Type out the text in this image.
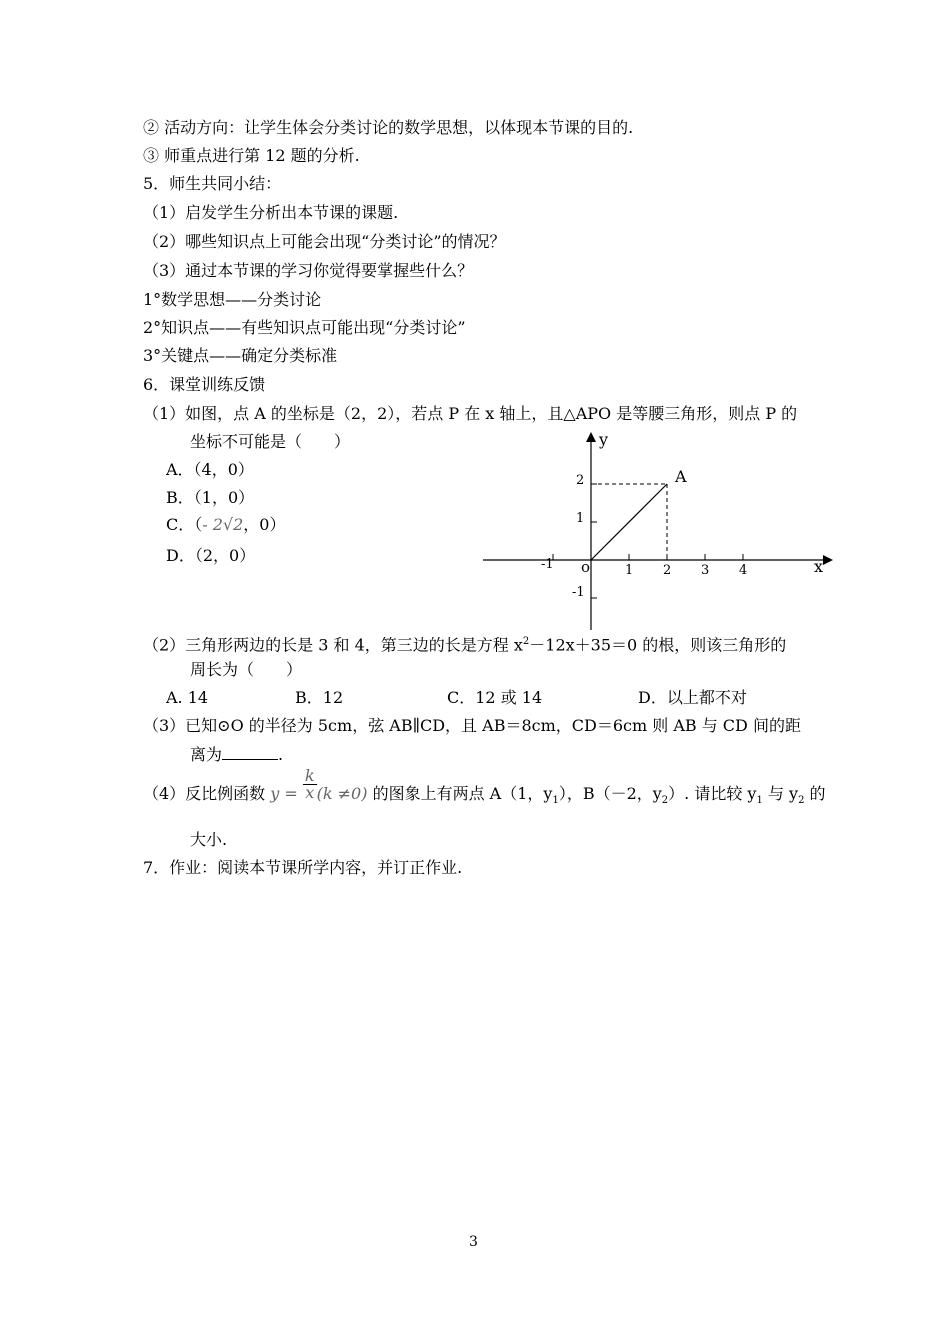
② 活动方向：让学生体会分类讨论的数学思想，以体现本节课的目的.
③ 师重点进行第 12 题的分析.
5．师生共同小结：
（1）启发学生分析出本节课的课题.
（2）哪些知识点上可能会出现“分类讨论”的情况？
（3）通过本节课的学习你觉得要掌握些什么？
1°数学思想——分类讨论
2°知识点——有些知识点可能出现“分类讨论”
3°关键点——确定分类标准
6．课堂训练反馈
（1）如图，点 A 的坐标是（2，2），若点 P 在 x 轴上，且△APO 是等腰三角形，则点 P 的
坐标不可能是（　　）
A．（4，0）
B．（1，0）
C．（- 2√2，0）
D．（2，0）	-1	1 2 3 4
2
1
-1
o	x
y
A
（2）三角形两边的长是 3 和 4，第三边的长是方程 $x^2-12x+35=0$ 的根，则该三角形的
周长为（　　）
A. 14	B．12	C．12 或 14	D．以上都不对
（3）已知⊙O 的半径为 5cm，弦 AB∥CD，且 AB＝8cm，CD＝6cm 则 AB 与 CD 间的距
离为	.
（4）反比例函数 $y = \frac{k}{x} (k \ne 0)$ 的图象上有两点 A（1，$y_1$），B（－2，$y_2$）. 请比较 $y_1$ 与 $y_2$ 的
大小.
7．作业：阅读本节课所学内容，并订正作业.
3
